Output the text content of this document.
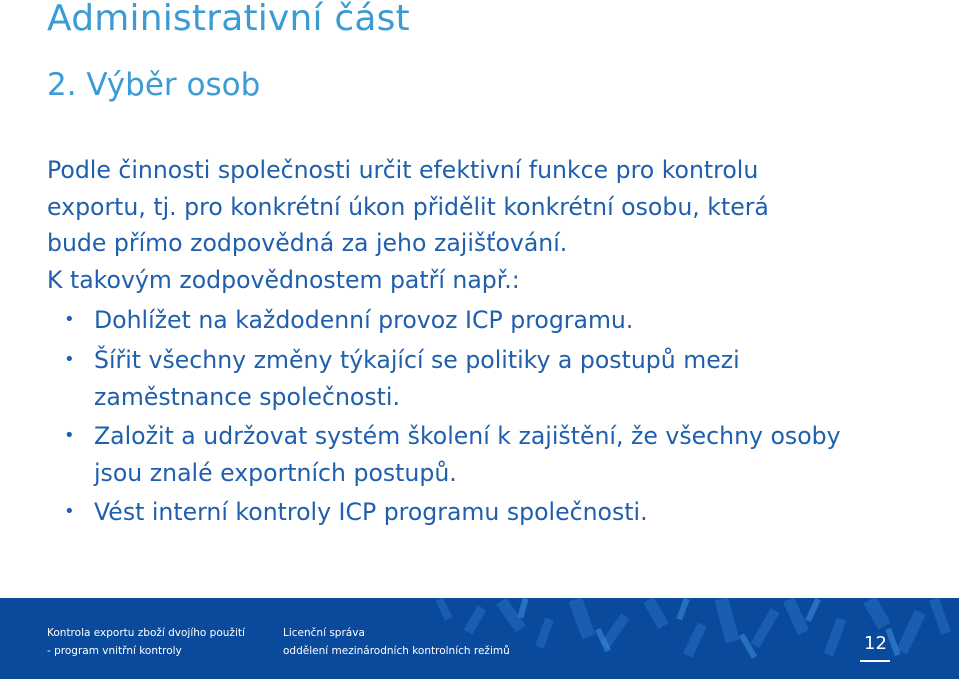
Administrativní část
2. Výběr osob
Podle činnosti společnosti určit efektivní funkce pro kontrolu
exportu, tj. pro konkrétní úkon přidělit konkrétní osobu, která
bude přímo zodpovědná za jeho zajišťování.
K takovým zodpovědnostem patří např.:
• Dohlížet na každodenní provoz ICP programu.
• Šířit všechny změny týkající se politiky a postupů mezi zaměstnance společnosti.
• Založit a udržovat systém školení k zajištění, že všechny osoby jsou znalé exportních postupů.
• Vést interní kontroly ICP programu společnosti.
Kontrola exportu zboží dvojího použití
- program vnitřní kontroly
Licenční správa
oddělení mezinárodních kontrolních režimů	12
